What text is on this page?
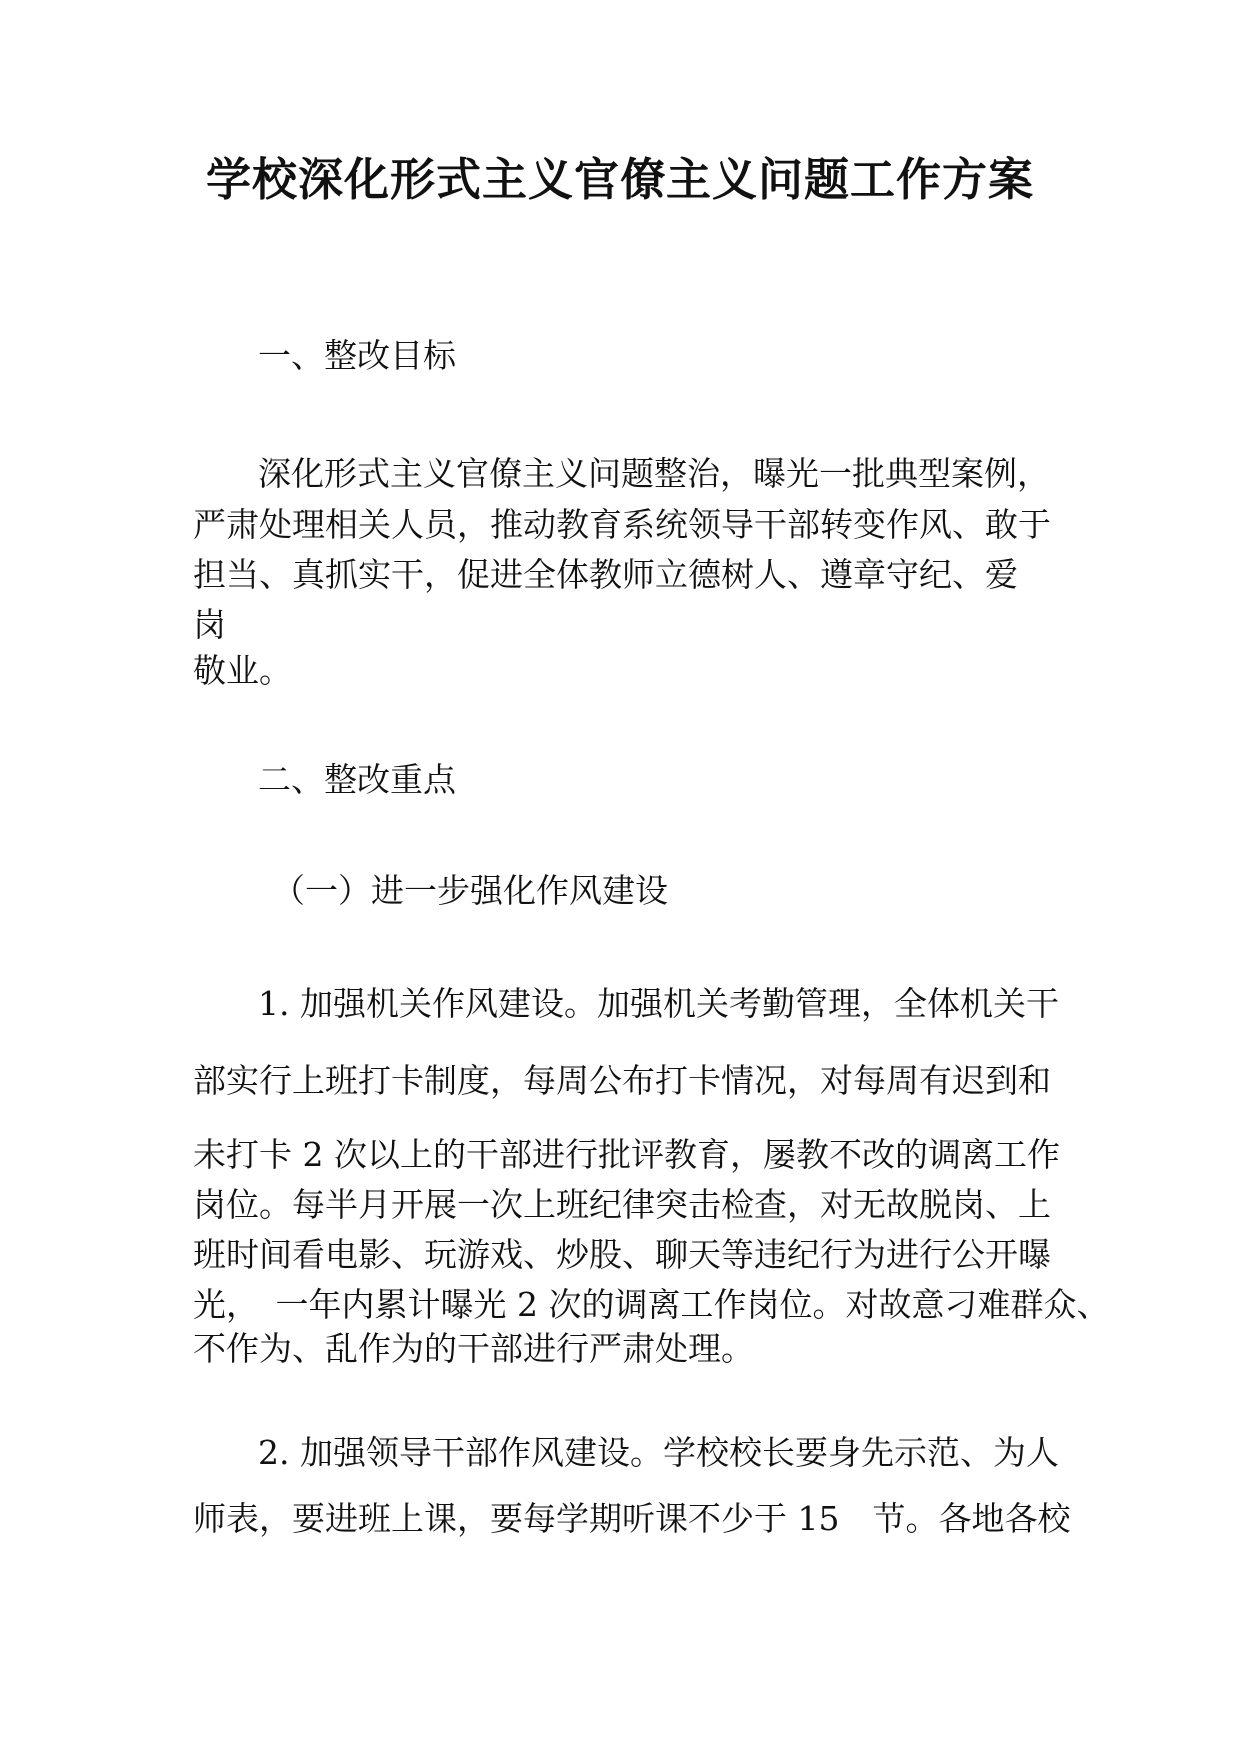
学校深化形式主义官僚主义问题工作方案
一、整改目标
深化形式主义官僚主义问题整治，曝光一批典型案例，
严肃处理相关人员，推动教育系统领导干部转变作风、敢于
担当、真抓实干，促进全体教师立德树人、遵章守纪、爱
岗
敬业。
二、整改重点
（一）进一步强化作风建设
1. 加强机关作风建设。加强机关考勤管理，全体机关干
部实行上班打卡制度，每周公布打卡情况，对每周有迟到和
未打卡 2 次以上的干部进行批评教育，屡教不改的调离工作
岗位。每半月开展一次上班纪律突击检查，对无故脱岗、上
班时间看电影、玩游戏、炒股、聊天等违纪行为进行公开曝
光，　一年内累计曝光 2 次的调离工作岗位。对故意刁难群众、
不作为、乱作为的干部进行严肃处理。
2. 加强领导干部作风建设。学校校长要身先示范、为人
师表，要进班上课，要每学期听课不少于 15　节。各地各校
